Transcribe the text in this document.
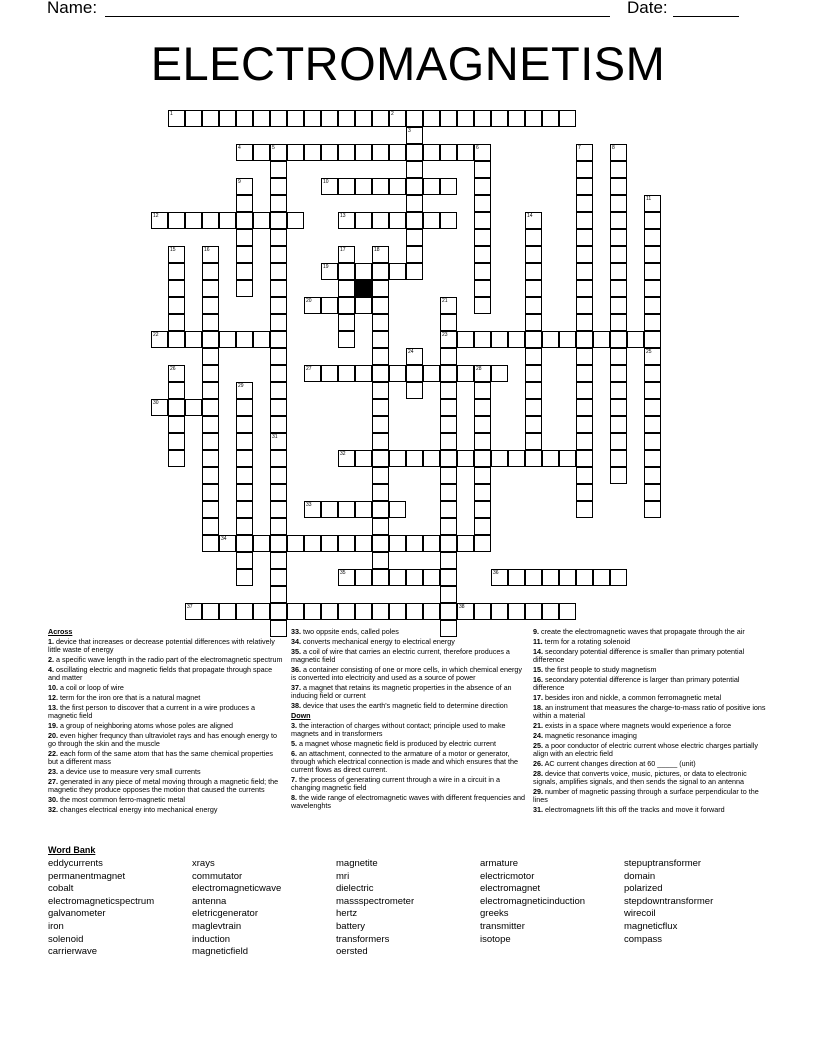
Name:	Date:
ELECTROMAGNETISM
1	2
4	5	6
10
12	13
19
20
22	23
27	28
30
32
33
34
35	36
37	38
3
31
7	8
9
11
25
14
15	16	17	18
21
24
26
29

Across

1. device that increases or decrease potential differences with relatively little waste of energy

2. a specific wave length in the radio part of the electromagnetic spectrum

4. oscillating electric and magnetic fields that propagate through space and matter

10. a coil or loop of wire

12. term for the iron ore that is a natural magnet

13. the first person to discover that a current in a wire produces a magnetic field

19. a group of neighboring atoms whose poles are aligned

20. even higher frequncy than ultraviolet rays and has enough energy to go through the skin and the muscle

22. each form of the same atom that has the same chemical properties but a different mass

23. a device use to measure very small currents

27. generated in any piece of metal moving through a magnetic field; the magnetic they produce opposes the motion that caused the currents

30. the most common ferro-magnetic metal

32. changes electrical energy into mechanical energy

33. two oppsite ends, called poles

34. converts mechanical energy to electrical energy

35. a coil of wire that carries an electric current, therefore produces a magnetic field

36. a container consisting of one or more cells, in which chemical energy is converted into electricity and used as a source of power

37. a magnet that retains its magnetic properties in the absence of an inducing field or current

38. device that uses the earth's magnetic field to determine direction

Down

3. the interaction of charges without contact; principle used to make magnets and in transformers

5. a magnet whose magnetic field is produced by electric current

6. an attachment, connected to the armature of a motor or generator, through which electrical connection is made and which ensures that the current flows as direct current.

7. the process of generating current through a wire in a circuit in a changing magnetic field

8. the wide range of electromagnetic waves with different frequencies and wavelenghts

9. create the electromagnetic waves that propagate through the air

11. term for a rotating solenoid

14. secondary potential difference is smaller than primary potential difference

15. the first people to study magnetism

16. secondary potential difference is larger than primary potential difference

17. besides iron and nickle, a common ferromagnetic metal

18. an instrument that measures the charge-to-mass ratio of positive ions within a material

21. exists in a space where magnets would experience a force

24. magnetic resonance imaging

25. a poor conductor of electric current whose electric charges partially align with an electric field

26. AC current changes direction at 60 _____ (unit)

28. device that converts voice, music, pictures, or data to electronic signals, amplifies signals, and then sends the signal to an antenna

29. number of magnetic passing through a surface perpendicular to the lines

31. electromagnets lift this off the tracks and move it forward

Word Bank
eddycurrents
permanentmagnet
cobalt
electromagneticspectrum
galvanometer
iron
solenoid
carrierwave
xrays
commutator
electromagneticwave
antenna
eletricgenerator
maglevtrain
induction
magneticfield
magnetite
mri
dielectric
massspectrometer
hertz
battery
transformers
oersted
armature
electricmotor
electromagnet
electromagneticinduction
greeks
transmitter
isotope
stepuptransformer
domain
polarized
stepdowntransformer
wirecoil
magneticflux
compass
